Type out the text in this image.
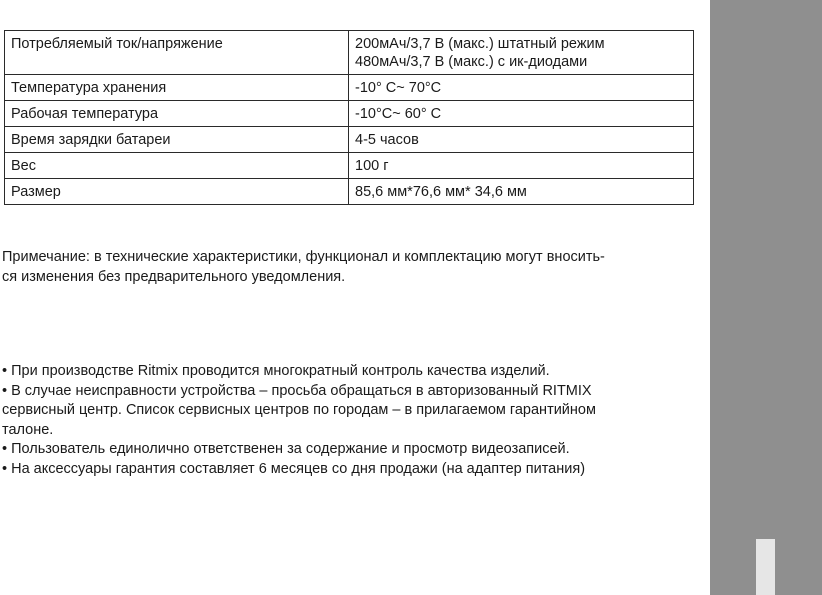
Потребляемый ток/напряжение	200мАч/3,7 В (макс.) штатный режим
480мАч/3,7 В (макс.) с ик-диодами

Температура хранения	-10° С~ 70°С
Рабочая температура	-10°С~ 60° С
Время зарядки батареи	4-5 часов
Вес	100 г
Размер	85,6 мм*76,6 мм* 34,6 мм

Примечание: в технические характеристики, функционал и комплектацию могут вносить-

ся изменения без предварительного уведомления.

• При производстве Ritmix проводится многократный контроль качества изделий.

• В случае неисправности устройства – просьба обращаться в авторизованный RITMIX

сервисный центр. Список сервисных центров по городам – в прилагаемом гарантийном

талоне.

• Пользователь единолично ответственен за содержание и просмотр видеозаписей.

• На аксессуары гарантия составляет 6 месяцев со дня продажи (на адаптер питания)
